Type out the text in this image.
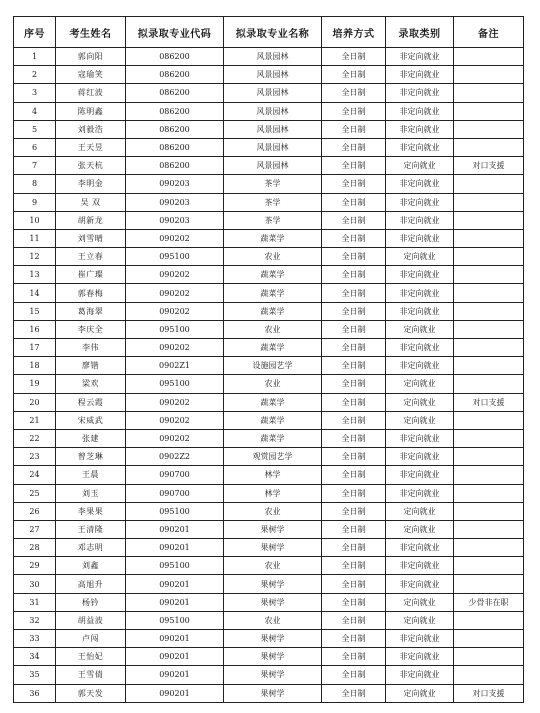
序号	考生姓名	拟录取专业代码	拟录取专业名称	培养方式	录取类别	备注
1	郭向阳	086200	风景园林	全日制	非定向就业	
2	寇瑜笑	086200	风景园林	全日制	非定向就业	
3	蒋红波	086200	风景园林	全日制	非定向就业	
4	陈明鑫	086200	风景园林	全日制	非定向就业	
5	刘毅浩	086200	风景园林	全日制	非定向就业	
6	王天昱	086200	风景园林	全日制	非定向就业	
7	张天杭	086200	风景园林	全日制	定向就业	对口支援
8	李明金	090203	茶学	全日制	非定向就业	
9	吴 双	090203	茶学	全日制	非定向就业	
10	胡新龙	090203	茶学	全日制	非定向就业	
11	刘雪晴	090202	蔬菜学	全日制	非定向就业	
12	王立春	095100	农业	全日制	定向就业	
13	崔广璨	090202	蔬菜学	全日制	非定向就业	
14	郭春梅	090202	蔬菜学	全日制	非定向就业	
15	葛海翠	090202	蔬菜学	全日制	非定向就业	
16	李庆全	095100	农业	全日制	定向就业	
17	李伟	090202	蔬菜学	全日制	非定向就业	
18	廖锴	0902Z1	设施园艺学	全日制	非定向就业	
19	梁欢	095100	农业	全日制	定向就业	
20	程云霞	090202	蔬菜学	全日制	定向就业	对口支援
21	宋威武	090202	蔬菜学	全日制	定向就业	
22	张建	090202	蔬菜学	全日制	非定向就业	
23	曾芝琳	0902Z2	观赏园艺学	全日制	非定向就业	
24	王晨	090700	林学	全日制	非定向就业	
25	刘玉	090700	林学	全日制	非定向就业	
26	李果果	095100	农业	全日制	定向就业	
27	王清隆	090201	果树学	全日制	定向就业	
28	邓志明	090201	果树学	全日制	非定向就业	
29	刘鑫	095100	农业	全日制	非定向就业	
30	高旭升	090201	果树学	全日制	非定向就业	
31	杨钤	090201	果树学	全日制	定向就业	少骨非在职
32	胡益波	095100	农业	全日制	定向就业	
33	卢闯	090201	果树学	全日制	非定向就业	
34	王怡妃	090201	果树学	全日制	非定向就业	
35	王雪倩	090201	果树学	全日制	非定向就业	
36	郭天发	090201	果树学	全日制	定向就业	对口支援
